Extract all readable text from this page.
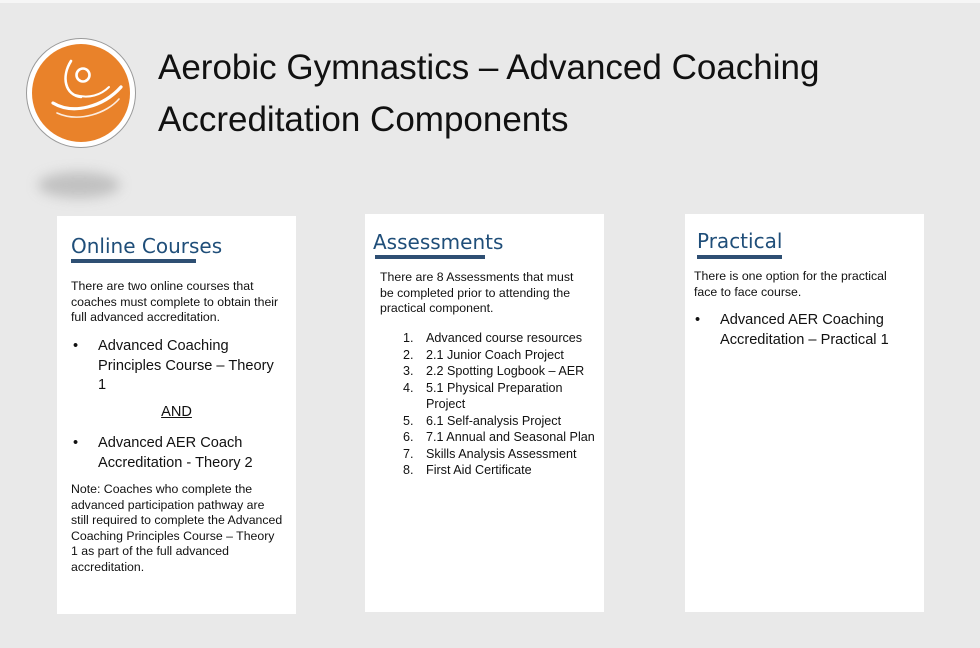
Aerobic Gymnastics – Advanced Coaching
Accreditation Components
Online Courses

There are two online courses that coaches must complete to obtain their full advanced accreditation.

• Advanced Coaching Principles Course – Theory 1
AND
• Advanced AER Coach Accreditation - Theory 2

Note: Coaches who complete the advanced participation pathway are still required to complete the Advanced Coaching Principles Course – Theory 1 as part of the full advanced accreditation.

Assessments

There are 8 Assessments that must be completed prior to attending the practical component.

1. Advanced course resources
2. 2.1 Junior Coach Project
3. 2.2 Spotting Logbook – AER
4. 5.1 Physical Preparation Project
5. 6.1 Self-analysis Project
6. 7.1 Annual and Seasonal Plan
7. Skills Analysis Assessment
8. First Aid Certificate
Practical

There is one option for the practical face to face course.

• Advanced AER Coaching Accreditation – Practical 1
